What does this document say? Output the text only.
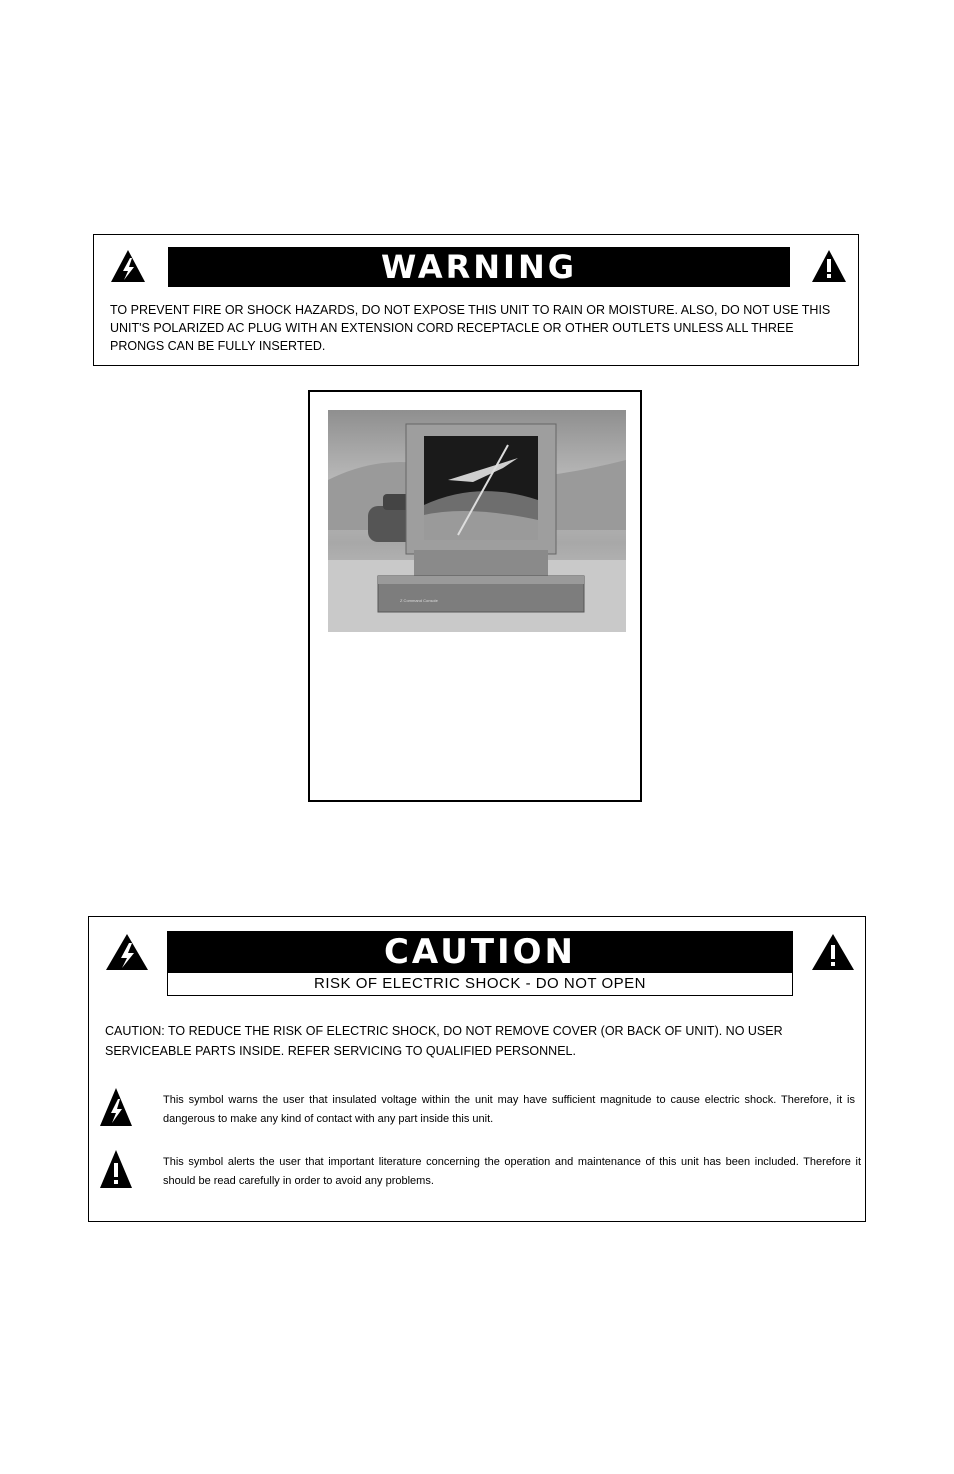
WARNING
TO PREVENT FIRE OR SHOCK HAZARDS, DO NOT EXPOSE THIS UNIT TO RAIN OR MOISTURE. ALSO, DO NOT USE THIS UNIT'S POLARIZED AC PLUG WITH AN EXTENSION CORD RECEPTACLE OR OTHER OUTLETS UNLESS ALL THREE PRONGS CAN BE FULLY INSERTED.
Z Command Console
CAUTION
RISK OF ELECTRIC SHOCK - DO NOT OPEN
CAUTION: TO REDUCE THE RISK OF ELECTRIC SHOCK, DO NOT REMOVE COVER (OR BACK OF UNIT). NO USER SERVICEABLE PARTS INSIDE. REFER SERVICING TO QUALIFIED PERSONNEL.
This symbol warns the user that insulated voltage within the unit may have sufficient magnitude to cause electric shock. Therefore, it is dangerous to make any kind of contact with any part inside this unit.
This symbol alerts the user that important literature concerning the operation and maintenance of this unit has been included. Therefore it should be read carefully in order to avoid any problems.
